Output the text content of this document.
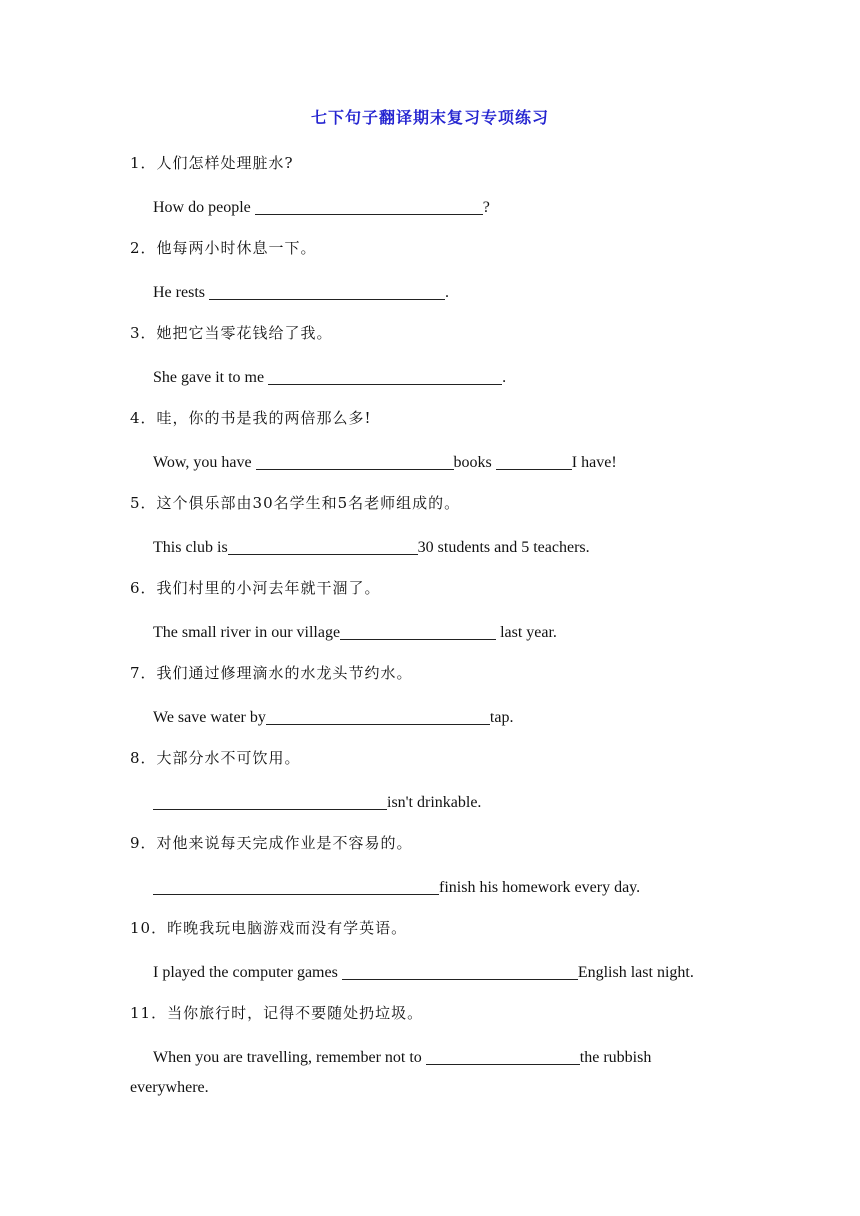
七下句子翻译期末复习专项练习
1．人们怎样处理脏水?
How do people	?
2．他每两小时休息一下。
He rests	.
3．她把它当零花钱给了我。
She gave it to me	.
4．哇，你的书是我的两倍那么多!
Wow, you have	books	I have!
5．这个俱乐部由30名学生和5名老师组成的。
This club is	30 students and 5 teachers.
6．我们村里的小河去年就干涸了。
The small river in our village	last year.
7．我们通过修理滴水的水龙头节约水。
We save water by	tap.
8．大部分水不可饮用。
isn't drinkable.
9．对他来说每天完成作业是不容易的。
finish his homework every day.
10．昨晚我玩电脑游戏而没有学英语。
I played the computer games	English last night.
11．当你旅行时，记得不要随处扔垃圾。
When you are travelling, remember not to	the rubbish everywhere.
